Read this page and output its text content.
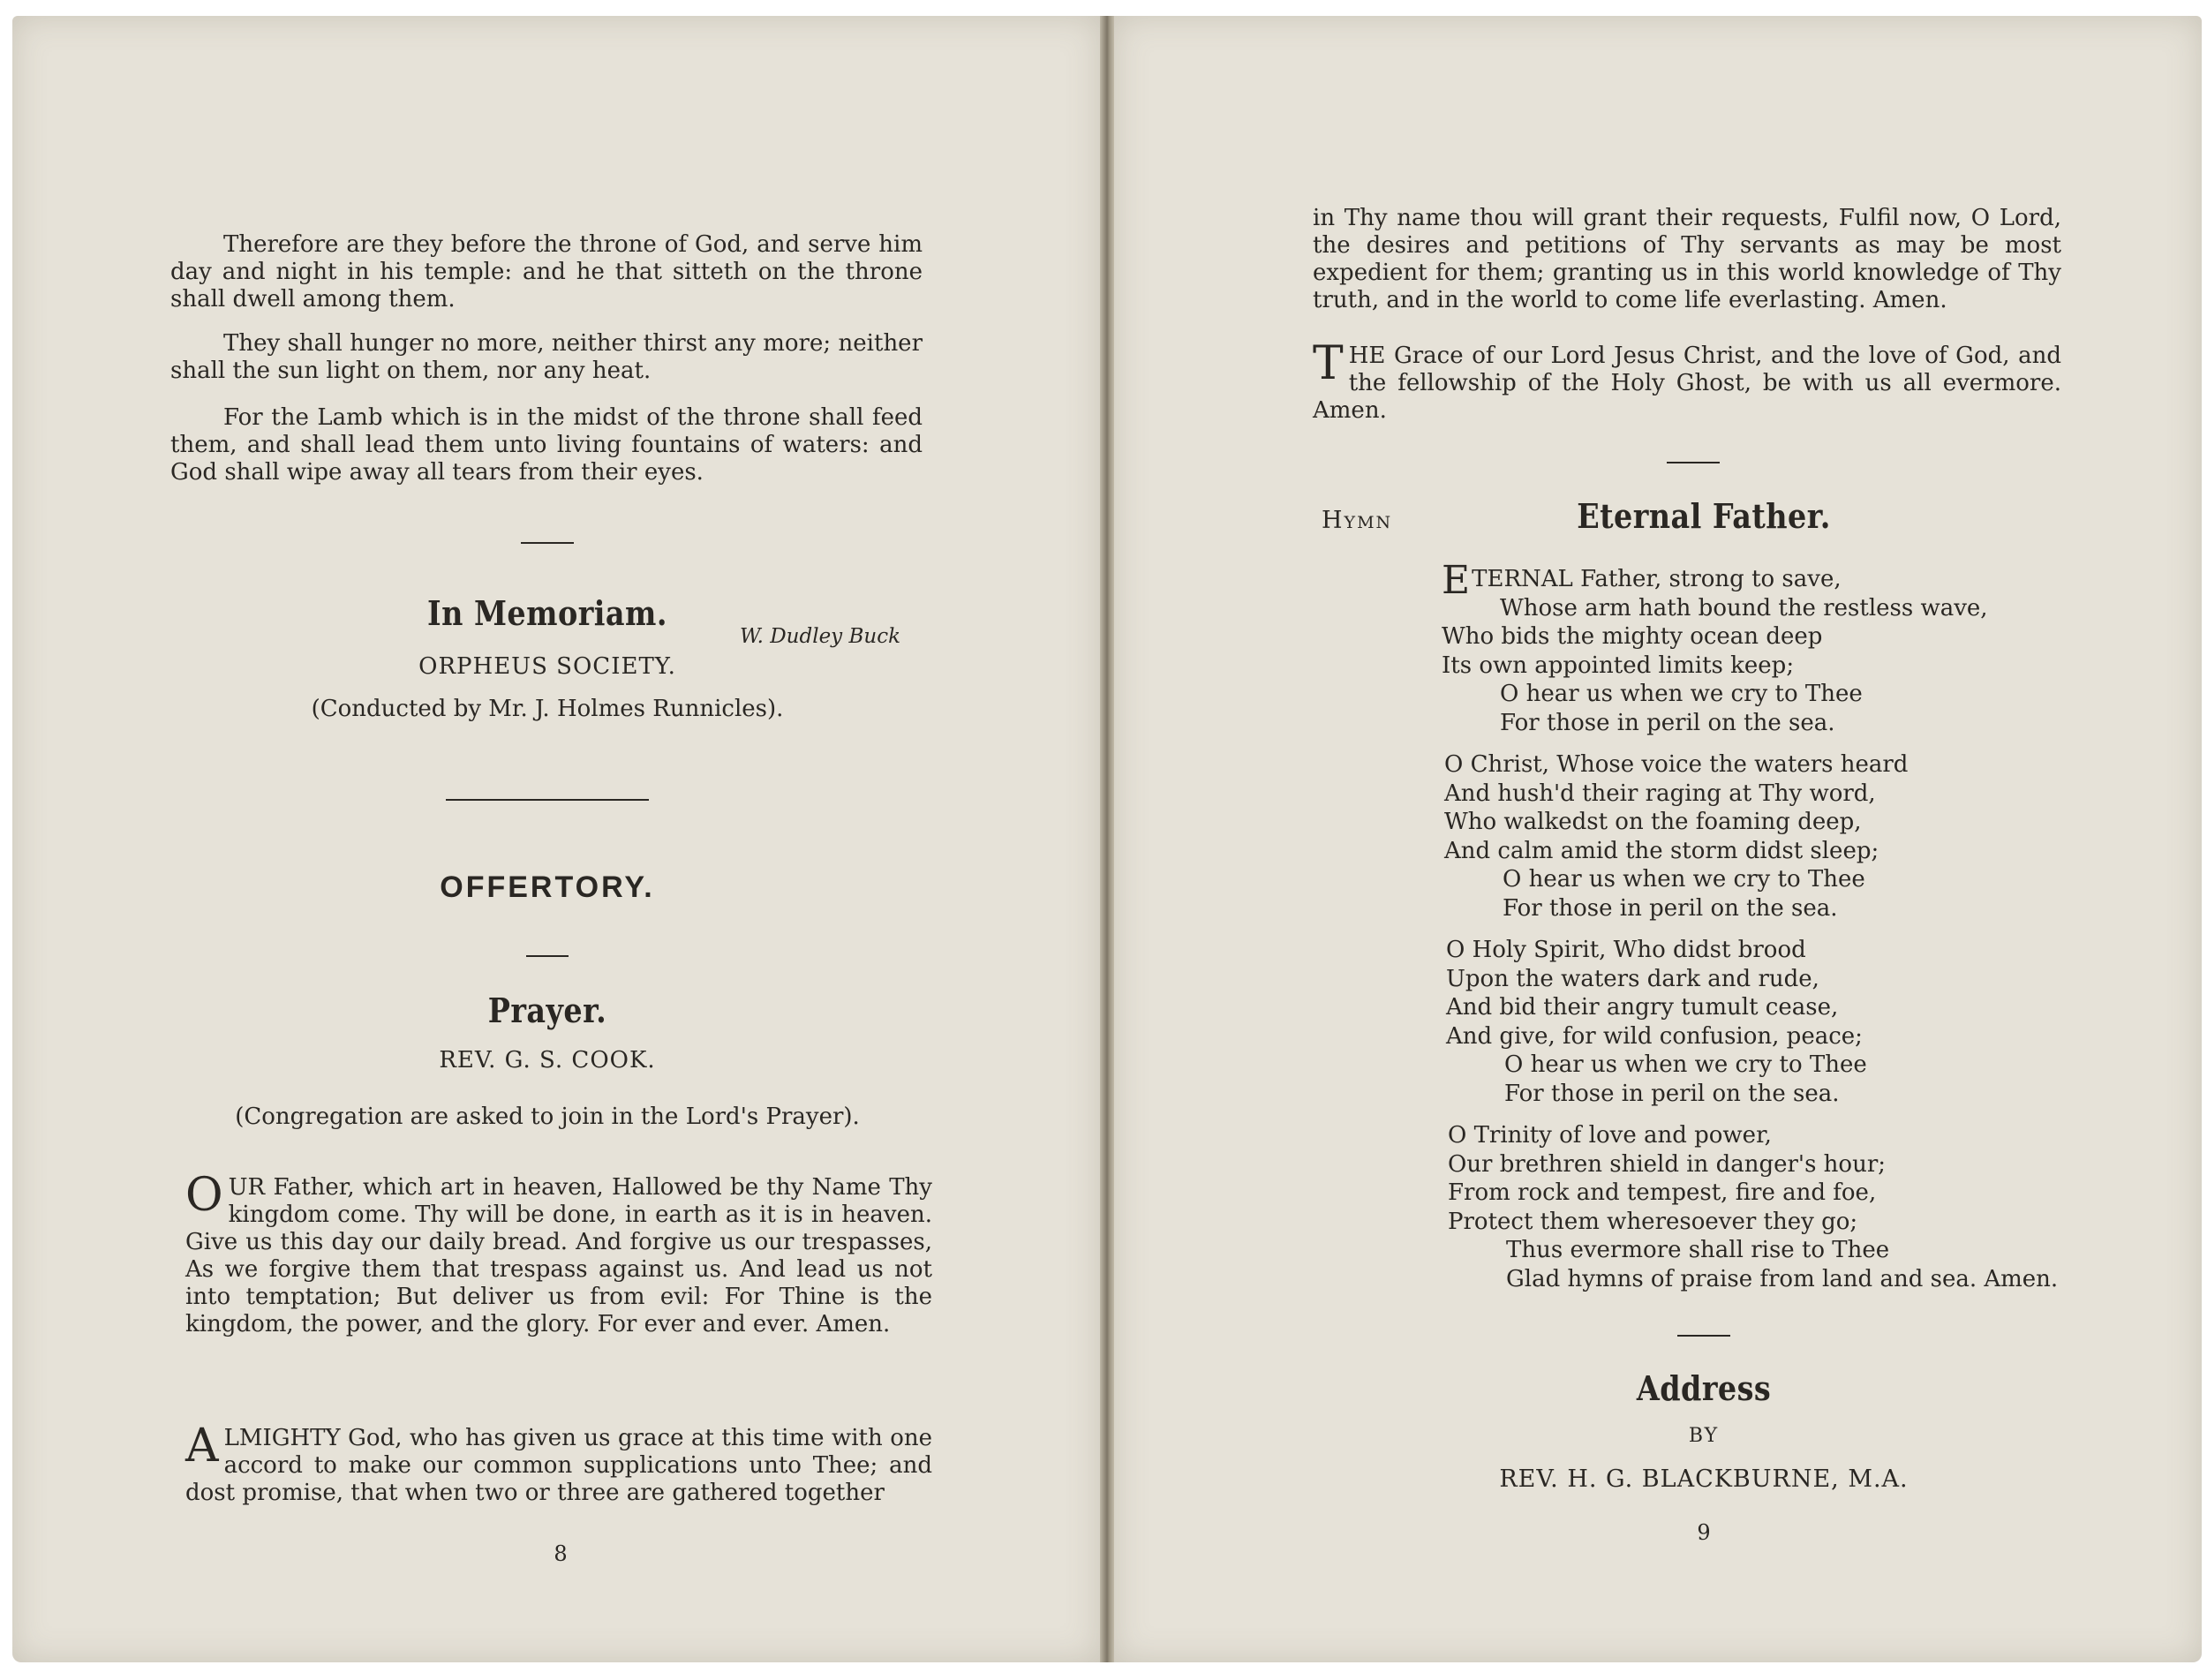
Therefore are they before the throne of God, and serve him day and night in his temple: and he that sitteth on the throne shall dwell among them.

They shall hunger no more, neither thirst any more; neither shall the sun light on them, nor any heat.

For the Lamb which is in the midst of the throne shall feed them, and shall lead them unto living fountains of waters: and God shall wipe away all tears from their eyes.

In Memoriam.
W. Dudley Buck
ORPHEUS SOCIETY.
(Conducted by Mr. J. Holmes Runnicles).
OFFERTORY.
Prayer.
REV. G. S. COOK.
(Congregation are asked to join in the Lord's Prayer).
O UR Father, which art in heaven, Hallowed be thy Name Thy kingdom come. Thy will be done, in earth as it is in heaven. Give us this day our daily bread. And forgive us our trespasses, As we forgive them that trespass against us. And lead us not into temptation; But deliver us from evil: For Thine is the kingdom, the power, and the glory. For ever and ever. Amen.

A LMIGHTY God, who has given us grace at this time with one accord to make our common supplications unto Thee; and dost promise, that when two or three are gathered together

8

in Thy name thou will grant their requests, Fulfil now, O Lord, the desires and petitions of Thy servants as may be most expedient for them; granting us in this world knowledge of Thy truth, and in the world to come life everlasting. Amen.

T HE Grace of our Lord Jesus Christ, and the love of God, and the fellowship of the Holy Ghost, be with us all evermore. Amen.

Hymn	Eternal Father.
E TERNAL Father, strong to save,
Whose arm hath bound the restless wave,
Who bids the mighty ocean deep
Its own appointed limits keep;
O hear us when we cry to Thee
For those in peril on the sea.
O Christ, Whose voice the waters heard
And hush'd their raging at Thy word,
Who walkedst on the foaming deep,
And calm amid the storm didst sleep;
O hear us when we cry to Thee
For those in peril on the sea.
O Holy Spirit, Who didst brood
Upon the waters dark and rude,
And bid their angry tumult cease,
And give, for wild confusion, peace;
O hear us when we cry to Thee
For those in peril on the sea.
O Trinity of love and power,
Our brethren shield in danger's hour;
From rock and tempest, fire and foe,
Protect them wheresoever they go;
Thus evermore shall rise to Thee
Glad hymns of praise from land and sea. Amen.
Address
BY
REV. H. G. BLACKBURNE, M.A.
9
